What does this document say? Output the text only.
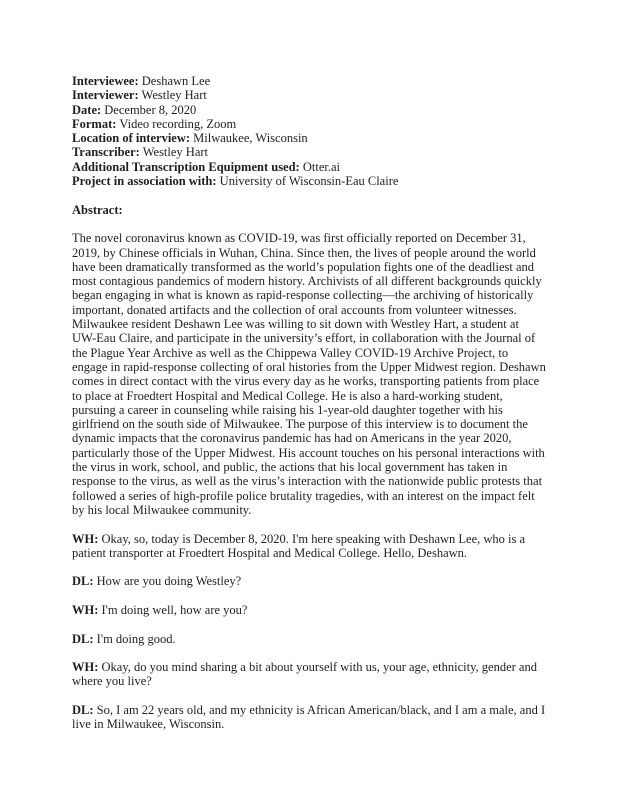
Interviewee: Deshawn Lee

Interviewer: Westley Hart

Date: December 8, 2020

Format: Video recording, Zoom

Location of interview: Milwaukee, Wisconsin

Transcriber: Westley Hart

Additional Transcription Equipment used: Otter.ai

Project in association with: University of Wisconsin-Eau Claire

Abstract:

The novel coronavirus known as COVID-19, was first officially reported on December 31, 2019, by Chinese officials in Wuhan, China. Since then, the lives of people around the world have been dramatically transformed as the world’s population fights one of the deadliest and most contagious pandemics of modern history. Archivists of all different backgrounds quickly began engaging in what is known as rapid-response collecting—the archiving of historically important, donated artifacts and the collection of oral accounts from volunteer witnesses. Milwaukee resident Deshawn Lee was willing to sit down with Westley Hart, a student at UW-Eau Claire, and participate in the university’s effort, in collaboration with the Journal of the Plague Year Archive as well as the Chippewa Valley COVID-19 Archive Project, to engage in rapid-response collecting of oral histories from the Upper Midwest region. Deshawn comes in direct contact with the virus every day as he works, transporting patients from place to place at Froedtert Hospital and Medical College. He is also a hard-working student, pursuing a career in counseling while raising his 1-year-old daughter together with his girlfriend on the south side of Milwaukee. The purpose of this interview is to document the dynamic impacts that the coronavirus pandemic has had on Americans in the year 2020, particularly those of the Upper Midwest. His account touches on his personal interactions with the virus in work, school, and public, the actions that his local government has taken in response to the virus, as well as the virus’s interaction with the nationwide public protests that followed a series of high-profile police brutality tragedies, with an interest on the impact felt by his local Milwaukee community.

WH: Okay, so, today is December 8, 2020. I'm here speaking with Deshawn Lee, who is a patient transporter at Froedtert Hospital and Medical College. Hello, Deshawn.

DL: How are you doing Westley?

WH: I'm doing well, how are you?

DL: I'm doing good.

WH: Okay, do you mind sharing a bit about yourself with us, your age, ethnicity, gender and where you live?

DL: So, I am 22 years old, and my ethnicity is African American/black, and I am a male, and I live in Milwaukee, Wisconsin.
